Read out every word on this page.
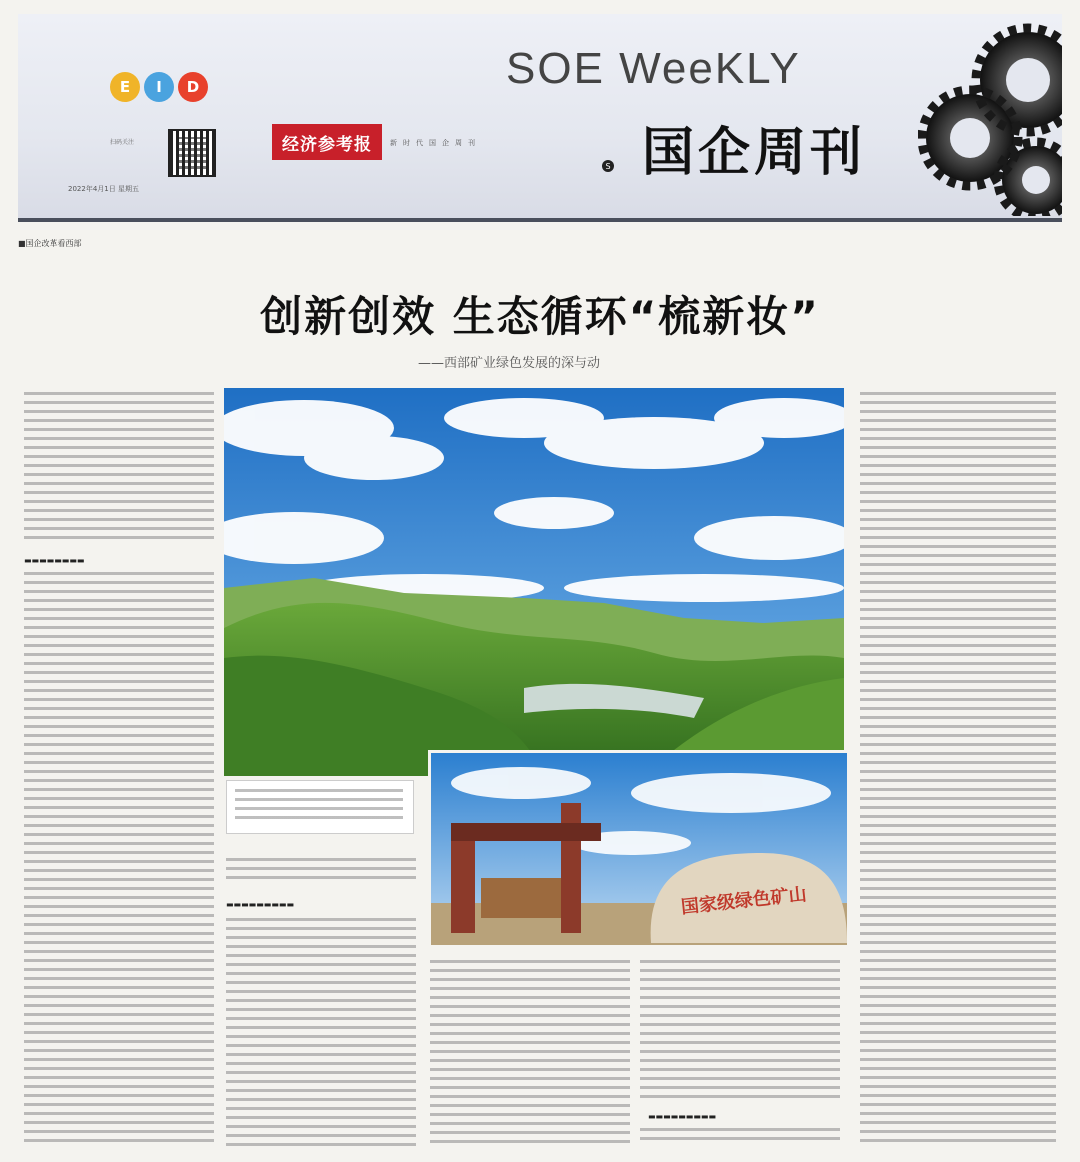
E	I	D
扫码关注
2022年4月1日 星期五
经济参考报	新时代国企周刊
SOE WeeKLY
S 国企周刊
■国企改革看西部
创新创效 生态循环“梳新妆”
——西部矿业绿色发展的深与动
▬▬▬▬▬▬▬▬
▬▬▬▬▬▬▬▬▬	国家级绿色矿山
▬▬▬▬▬▬▬▬▬
